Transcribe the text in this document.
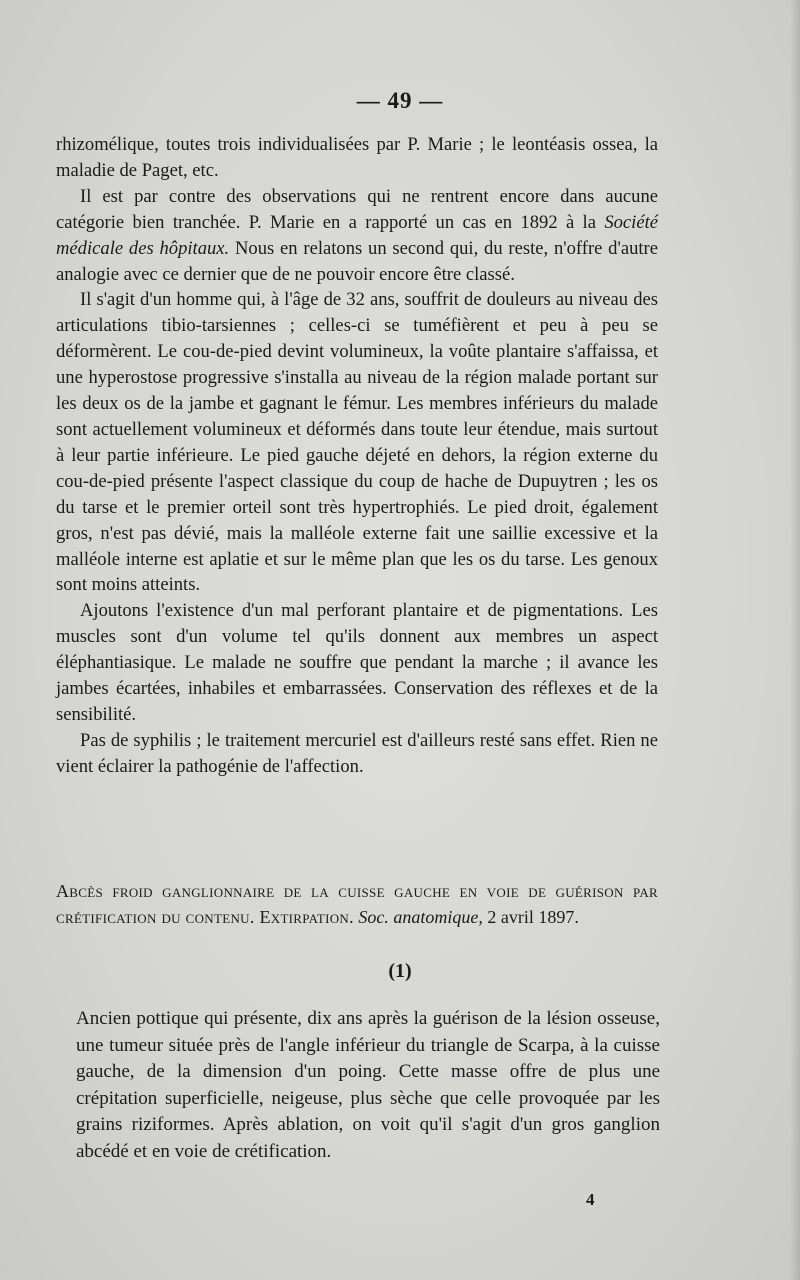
— 49 —

rhizomélique, toutes trois individualisées par P. Marie ; le leontéasis ossea, la maladie de Paget, etc.

Il est par contre des observations qui ne rentrent encore dans aucune catégorie bien tranchée. P. Marie en a rapporté un cas en 1892 à la Société médicale des hôpitaux. Nous en relatons un second qui, du reste, n'offre d'autre analogie avec ce dernier que de ne pouvoir encore être classé.

Il s'agit d'un homme qui, à l'âge de 32 ans, souffrit de douleurs au niveau des articulations tibio-tarsiennes ; celles-ci se tuméfièrent et peu à peu se déformèrent. Le cou-de-pied devint volumineux, la voûte plantaire s'affaissa, et une hyperostose progressive s'installa au niveau de la région malade portant sur les deux os de la jambe et gagnant le fémur. Les membres inférieurs du malade sont actuellement volumineux et déformés dans toute leur étendue, mais surtout à leur partie inférieure. Le pied gauche déjeté en dehors, la région externe du cou-de-pied présente l'aspect classique du coup de hache de Dupuytren ; les os du tarse et le premier orteil sont très hypertrophiés. Le pied droit, également gros, n'est pas dévié, mais la malléole externe fait une saillie excessive et la malléole interne est aplatie et sur le même plan que les os du tarse. Les genoux sont moins atteints.

Ajoutons l'existence d'un mal perforant plantaire et de pigmentations. Les muscles sont d'un volume tel qu'ils donnent aux membres un aspect éléphantiasique. Le malade ne souffre que pendant la marche ; il avance les jambes écartées, inhabiles et embarrassées. Conservation des réflexes et de la sensibilité.

Pas de syphilis ; le traitement mercuriel est d'ailleurs resté sans effet. Rien ne vient éclairer la pathogénie de l'affection.

Abcès froid ganglionnaire de la cuisse gauche en voie de guérison par crétification du contenu. Extirpation. Soc. anatomique, 2 avril 1897.
(1)

Ancien pottique qui présente, dix ans après la guérison de la lésion osseuse, une tumeur située près de l'angle inférieur du triangle de Scarpa, à la cuisse gauche, de la dimension d'un poing. Cette masse offre de plus une crépitation superficielle, neigeuse, plus sèche que celle provoquée par les grains riziformes. Après ablation, on voit qu'il s'agit d'un gros ganglion abcédé et en voie de crétification.

4
